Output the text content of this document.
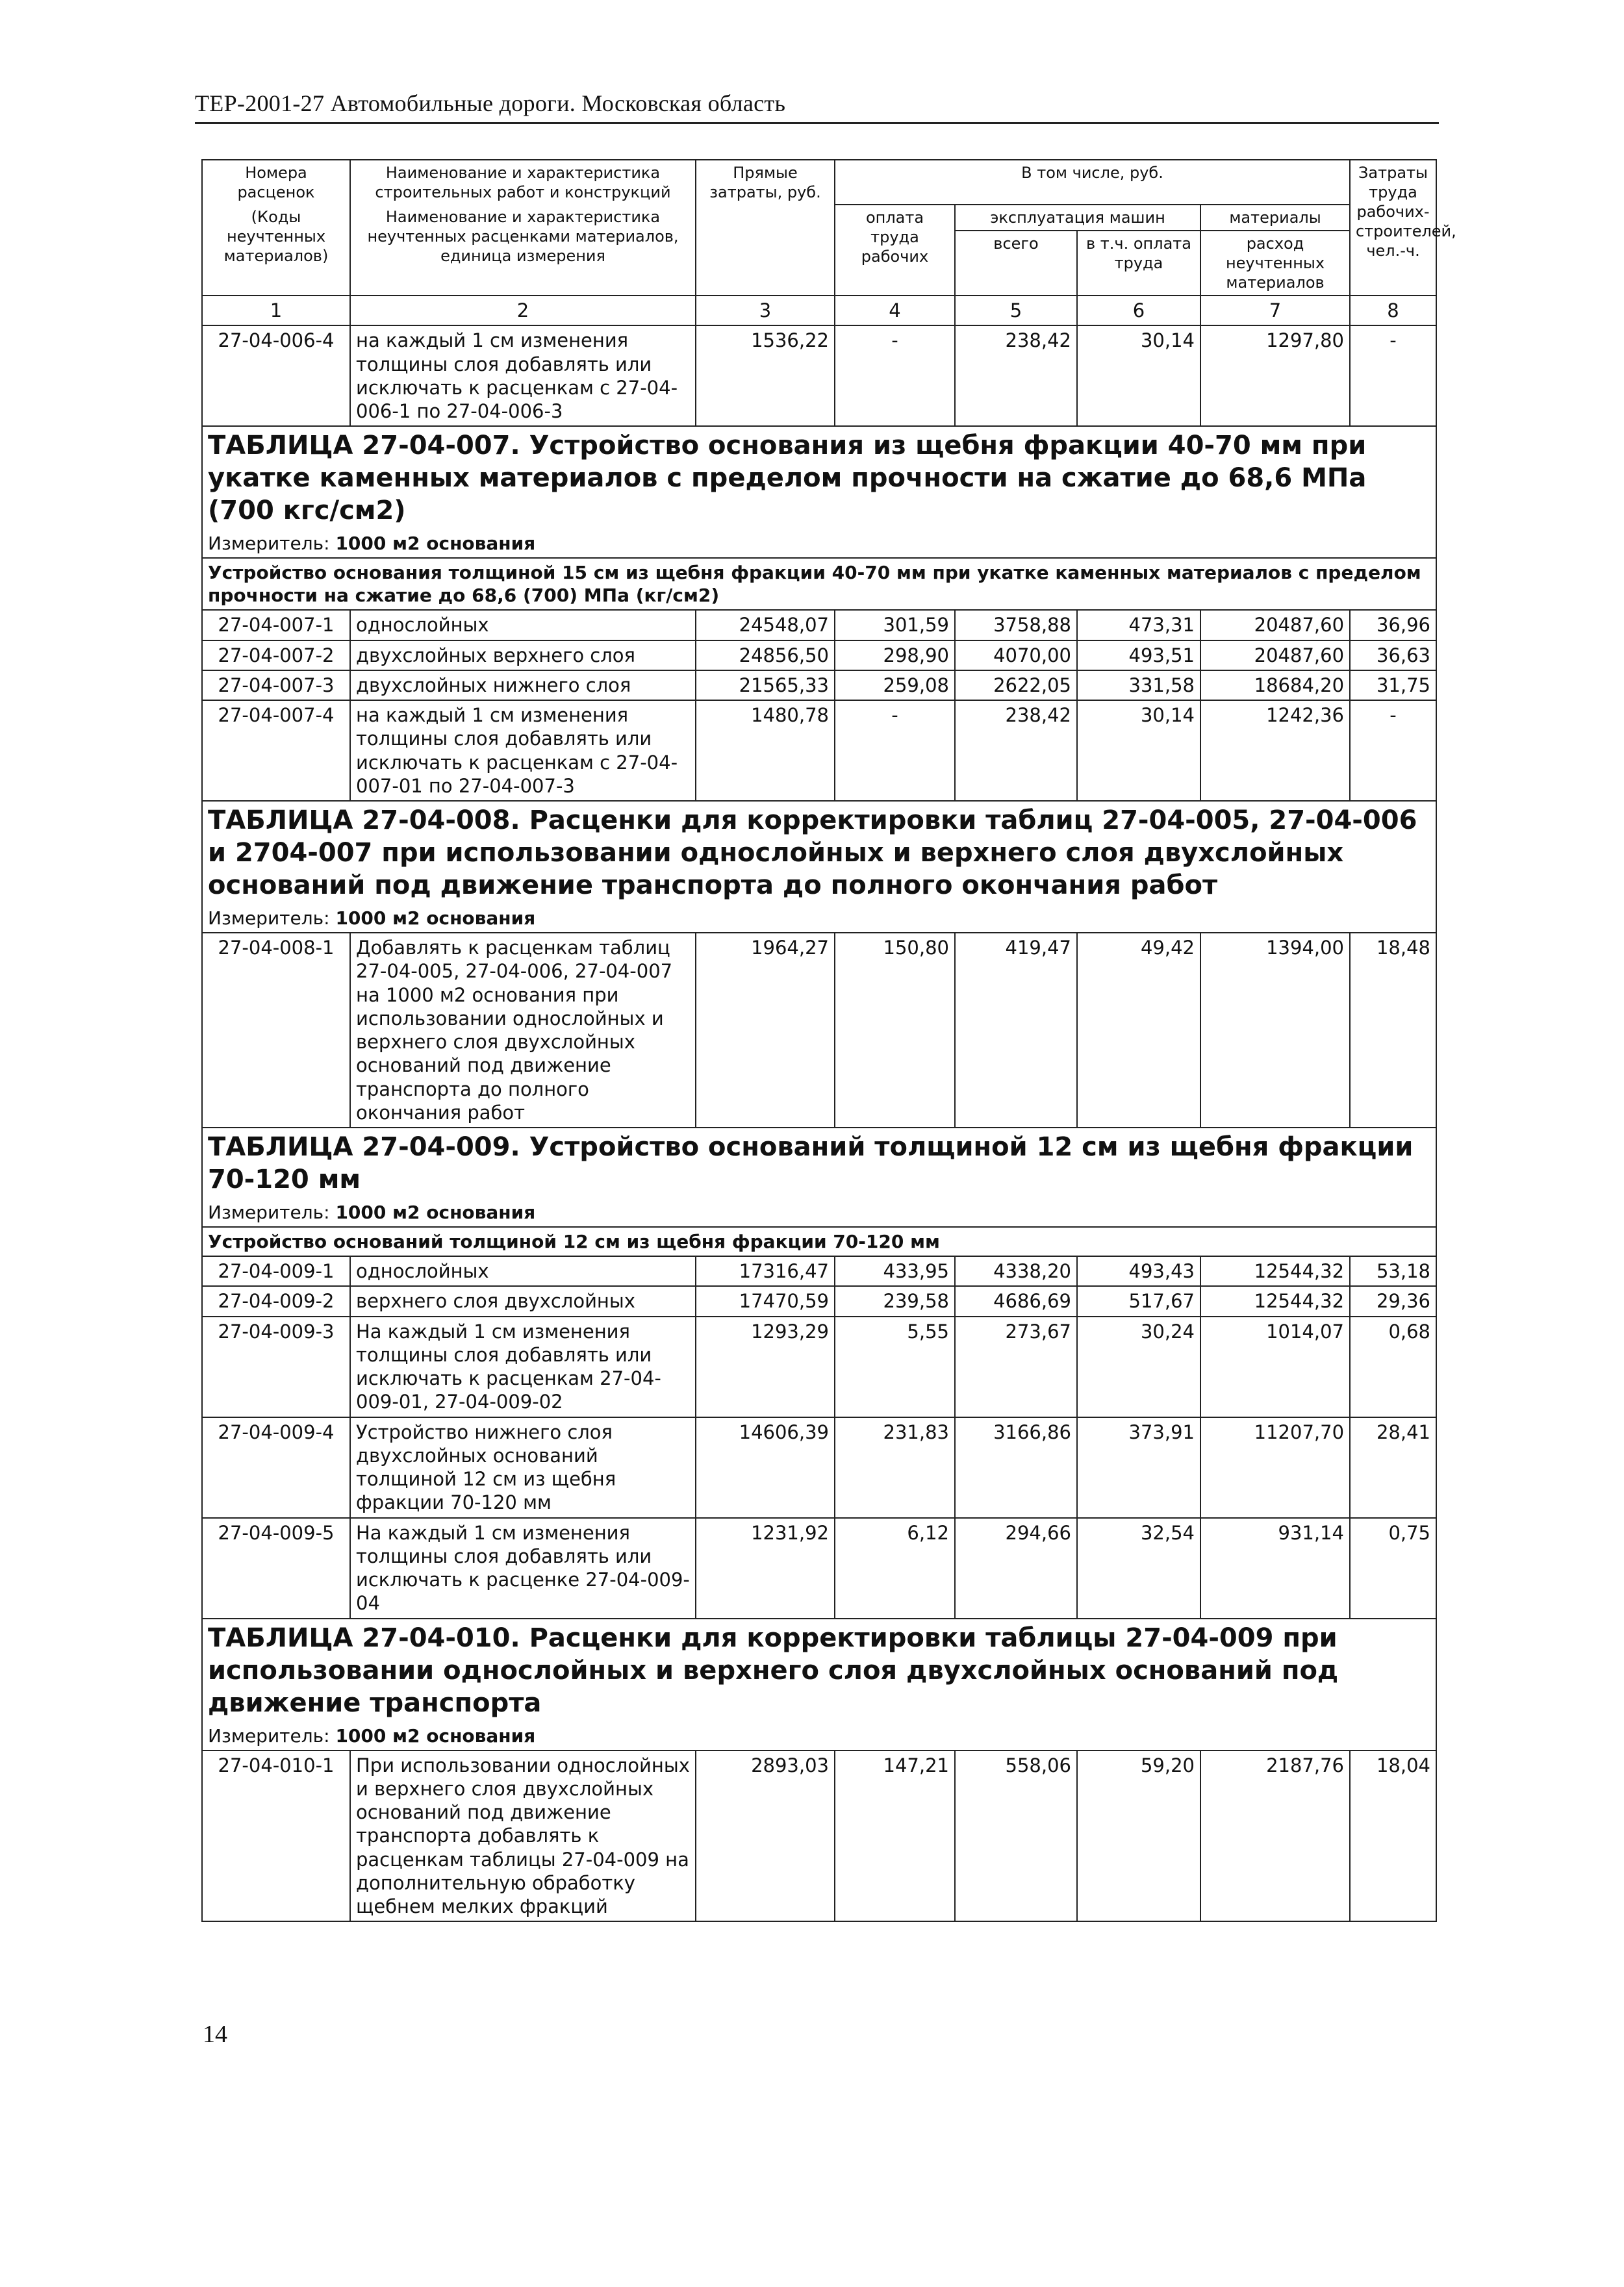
ТЕР-2001-27 Автомобильные дороги. Московская область
Номера расценок	Наименование и характеристика строительных работ и конструкций	Прямые затраты, руб.	В том числе, руб.				Затраты труда рабочих-строителей, чел.-ч.
(Коды неучтенных материалов)	Наименование и характеристика неучтенных расценками материалов, единица измерения		оплата труда рабочих	эксплуатация машин		материалы	
				всего	в т.ч. оплата труда	расход неучтенных материалов	
1	2	3	4	5	6	7	8
27-04-006-4	на каждый 1 см изменения толщины слоя добавлять или исключать к расценкам с 27-04-006-1 по 27-04-006-3	1536,22	-	238,42	30,14	1297,80	-
ТАБЛИЦА 27-04-007. Устройство основания из щебня фракции 40-70 мм при укатке каменных материалов с пределом прочности на сжатие до 68,6 МПа (700 кгс/см2)							
Измеритель: 1000 м2 основания							
Устройство основания толщиной 15 см из щебня фракции 40-70 мм при укатке каменных материалов с пределом прочности на сжатие до 68,6 (700) МПа (кг/см2)							
27-04-007-1	однослойных	24548,07	301,59	3758,88	473,31	20487,60	36,96
27-04-007-2	двухслойных верхнего слоя	24856,50	298,90	4070,00	493,51	20487,60	36,63
27-04-007-3	двухслойных нижнего слоя	21565,33	259,08	2622,05	331,58	18684,20	31,75
27-04-007-4	на каждый 1 см изменения толщины слоя добавлять или исключать к расценкам с 27-04-007-01 по 27-04-007-3	1480,78	-	238,42	30,14	1242,36	-
ТАБЛИЦА 27-04-008. Расценки для корректировки таблиц 27-04-005, 27-04-006 и 2704-007 при использовании однослойных и верхнего слоя двухслойных оснований под движение транспорта до полного окончания работ							
Измеритель: 1000 м2 основания							
27-04-008-1	Добавлять к расценкам таблиц 27-04-005, 27-04-006, 27-04-007 на 1000 м2 основания при использовании однослойных и верхнего слоя двухслойных оснований под движение транспорта до полного окончания работ	1964,27	150,80	419,47	49,42	1394,00	18,48
ТАБЛИЦА 27-04-009. Устройство оснований толщиной 12 см из щебня фракции 70-120 мм							
Измеритель: 1000 м2 основания							
Устройство оснований толщиной 12 см из щебня фракции 70-120 мм							
27-04-009-1	однослойных	17316,47	433,95	4338,20	493,43	12544,32	53,18
27-04-009-2	верхнего слоя двухслойных	17470,59	239,58	4686,69	517,67	12544,32	29,36
27-04-009-3	На каждый 1 см изменения толщины слоя добавлять или исключать к расценкам 27-04-009-01, 27-04-009-02	1293,29	5,55	273,67	30,24	1014,07	0,68
27-04-009-4	Устройство нижнего слоя двухслойных оснований толщиной 12 см из щебня фракции 70-120 мм	14606,39	231,83	3166,86	373,91	11207,70	28,41
27-04-009-5	На каждый 1 см изменения толщины слоя добавлять или исключать к расценке 27-04-009-04	1231,92	6,12	294,66	32,54	931,14	0,75
ТАБЛИЦА 27-04-010. Расценки для корректировки таблицы 27-04-009 при использовании однослойных и верхнего слоя двухслойных оснований под движение транспорта							
Измеритель: 1000 м2 основания							
27-04-010-1	При использовании однослойных и верхнего слоя двухслойных оснований под движение транспорта добавлять к расценкам таблицы 27-04-009 на дополнительную обработку щебнем мелких фракций	2893,03	147,21	558,06	59,20	2187,76	18,04
14
